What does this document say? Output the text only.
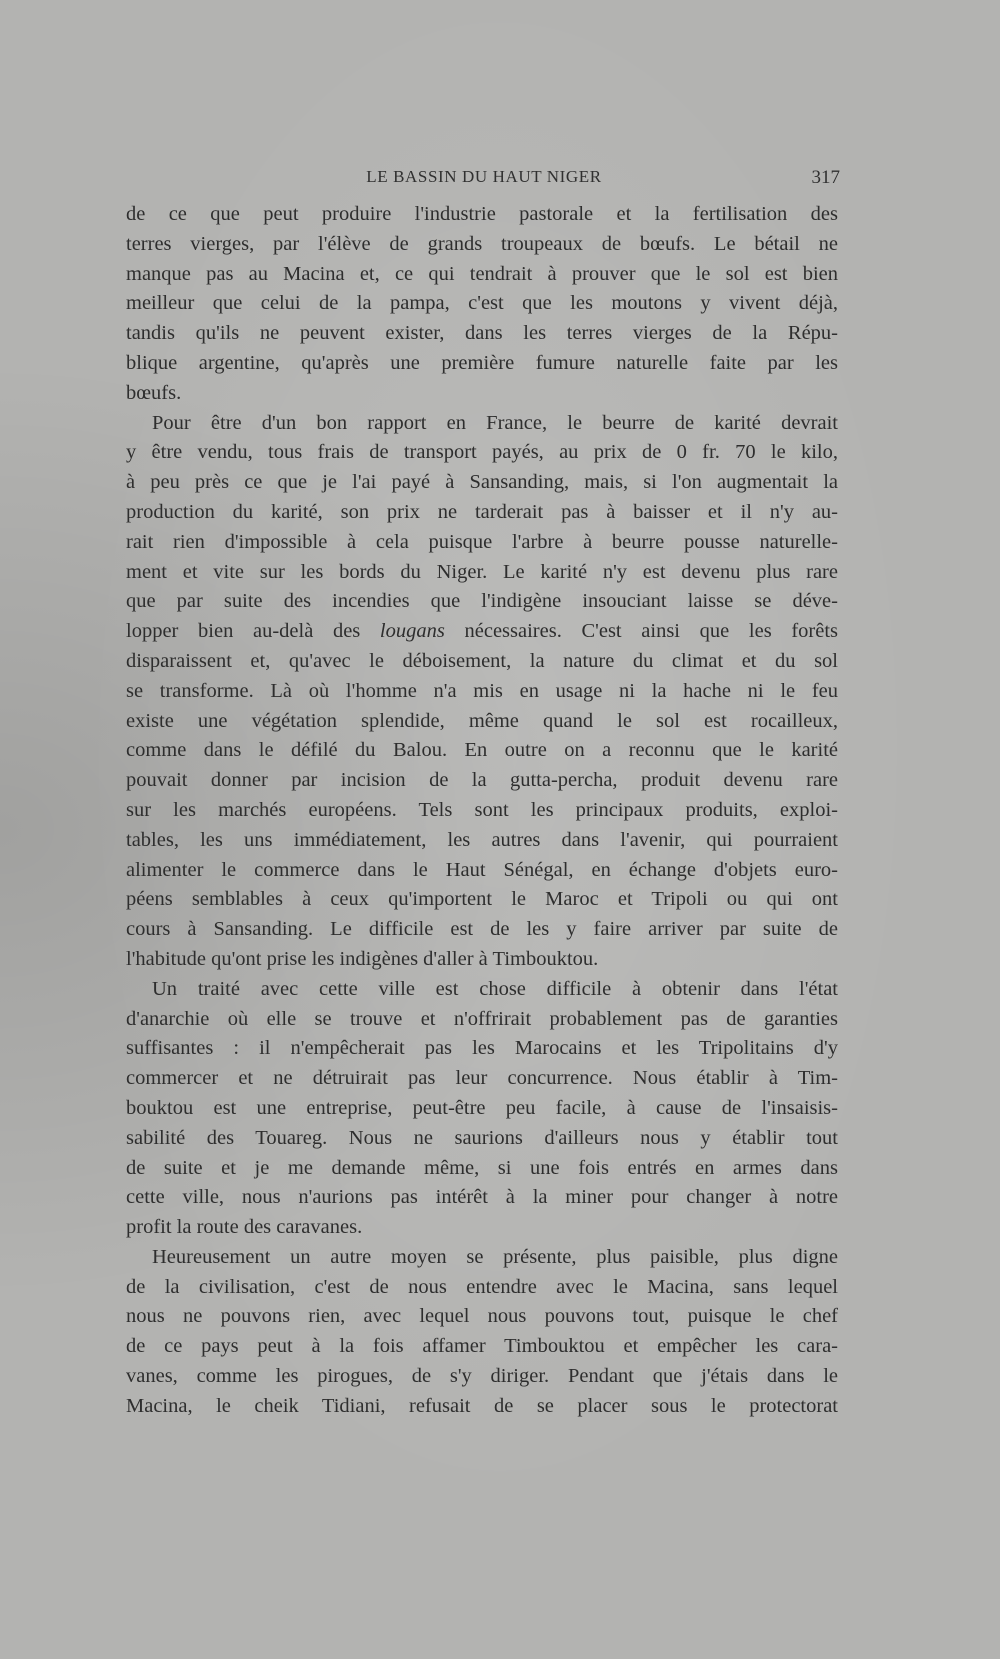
LE BASSIN DU HAUT NIGER	317
de ce que peut produire l'industrie pastorale et la fertilisation des
terres vierges, par l'élève de grands troupeaux de bœufs. Le bétail ne
manque pas au Macina et, ce qui tendrait à prouver que le sol est bien
meilleur que celui de la pampa, c'est que les moutons y vivent déjà,
tandis qu'ils ne peuvent exister, dans les terres vierges de la Répu-
blique argentine, qu'après une première fumure naturelle faite par les
bœufs.
Pour être d'un bon rapport en France, le beurre de karité devrait
y être vendu, tous frais de transport payés, au prix de 0 fr. 70 le kilo,
à peu près ce que je l'ai payé à Sansanding, mais, si l'on augmentait la
production du karité, son prix ne tarderait pas à baisser et il n'y au-
rait rien d'impossible à cela puisque l'arbre à beurre pousse naturelle-
ment et vite sur les bords du Niger. Le karité n'y est devenu plus rare
que par suite des incendies que l'indigène insouciant laisse se déve-
lopper bien au-delà des lougans nécessaires. C'est ainsi que les forêts
disparaissent et, qu'avec le déboisement, la nature du climat et du sol
se transforme. Là où l'homme n'a mis en usage ni la hache ni le feu
existe une végétation splendide, même quand le sol est rocailleux,
comme dans le défilé du Balou. En outre on a reconnu que le karité
pouvait donner par incision de la gutta-percha, produit devenu rare
sur les marchés européens. Tels sont les principaux produits, exploi-
tables, les uns immédiatement, les autres dans l'avenir, qui pourraient
alimenter le commerce dans le Haut Sénégal, en échange d'objets euro-
péens semblables à ceux qu'importent le Maroc et Tripoli ou qui ont
cours à Sansanding. Le difficile est de les y faire arriver par suite de
l'habitude qu'ont prise les indigènes d'aller à Timbouktou.
Un traité avec cette ville est chose difficile à obtenir dans l'état
d'anarchie où elle se trouve et n'offrirait probablement pas de garanties
suffisantes : il n'empêcherait pas les Marocains et les Tripolitains d'y
commercer et ne détruirait pas leur concurrence. Nous établir à Tim-
bouktou est une entreprise, peut-être peu facile, à cause de l'insaisis-
sabilité des Touareg. Nous ne saurions d'ailleurs nous y établir tout
de suite et je me demande même, si une fois entrés en armes dans
cette ville, nous n'aurions pas intérêt à la miner pour changer à notre
profit la route des caravanes.
Heureusement un autre moyen se présente, plus paisible, plus digne
de la civilisation, c'est de nous entendre avec le Macina, sans lequel
nous ne pouvons rien, avec lequel nous pouvons tout, puisque le chef
de ce pays peut à la fois affamer Timbouktou et empêcher les cara-
vanes, comme les pirogues, de s'y diriger. Pendant que j'étais dans le
Macina, le cheik Tidiani, refusait de se placer sous le protectorat
